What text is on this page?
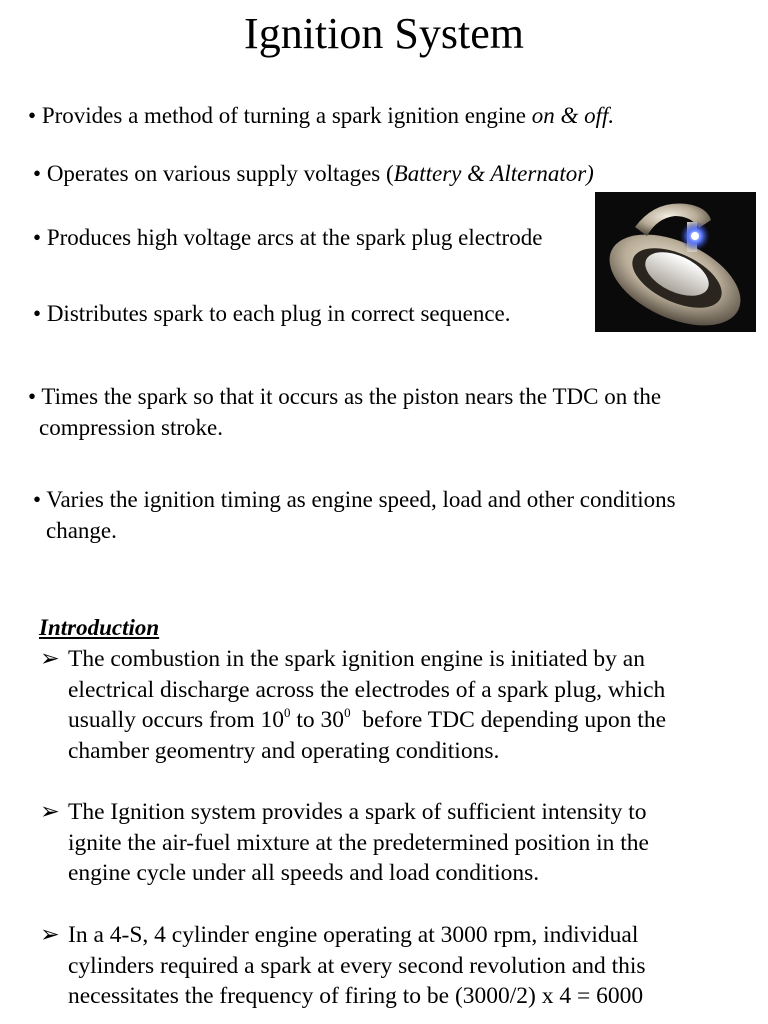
Ignition System
• Provides a method of turning a spark ignition engine on & off.
• Operates on various supply voltages (Battery & Alternator)
• Produces high voltage arcs at the spark plug electrode
• Distributes spark to each plug in correct sequence.
• Times the spark so that it occurs as the piston nears the TDC on the
compression stroke.
• Varies the ignition timing as engine speed, load and other conditions
change.
Introduction
➢ The combustion in the spark ignition engine is initiated by an
electrical discharge across the electrodes of a spark plug, which
usually occurs from $10^0$ to $30^0$  before TDC depending upon the
chamber geomentry and operating conditions.
➢ The Ignition system provides a spark of sufficient intensity to
ignite the air-fuel mixture at the predetermined position in the
engine cycle under all speeds and load conditions.
➢ In a 4-S, 4 cylinder engine operating at 3000 rpm, individual
cylinders required a spark at every second revolution and this
necessitates the frequency of firing to be (3000/2) x 4 = 6000
